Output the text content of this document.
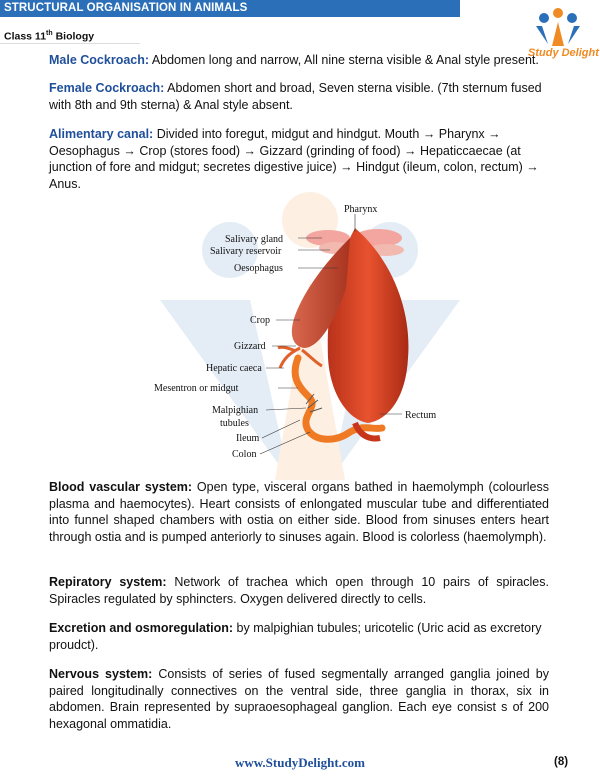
STRUCTURAL ORGANISATION IN ANIMALS
Class 11th Biology
Study Delight
Male Cockroach: Abdomen long and narrow, All nine sterna visible & Anal style present.
Female Cockroach: Abdomen short and broad, Seven sterna visible. (7th sternum fused with 8th and 9th sterna) & Anal style absent.
Alimentary canal: Divided into foregut, midgut and hindgut. Mouth → Pharynx → Oesophagus → Crop (stores food) → Gizzard (grinding of food) → Hepaticcaecae (at junction of fore and midgut; secretes digestive juice) → Hindgut (ileum, colon, rectum) → Anus.
Pharynx
Salivary gland
Salivary reservoir
Oesophagus
Crop
Gizzard
Hepatic caeca
Mesentron or midgut
Malpighian
tubules
Ileum
Colon
Rectum
Blood vascular system: Open type, visceral organs bathed in haemolymph (colourless plasma and haemocytes). Heart consists of enlongated muscular tube and differentiated into funnel shaped chambers with ostia on either side. Blood from sinuses enters heart through ostia and is pumped anteriorly to sinuses again. Blood is colorless (haemolymph).
Repiratory system: Network of trachea which open through 10 pairs of spiracles. Spiracles regulated by sphincters. Oxygen delivered directly to cells.
Excretion and osmoregulation: by malpighian tubules; uricotelic (Uric acid as excretory proudct).
Nervous system: Consists of series of fused segmentally arranged ganglia joined by paired longitudinally connectives on the ventral side, three ganglia in thorax, six in abdomen. Brain represented by supraoesophageal ganglion. Each eye consist s of 200 hexagonal ommatidia.
www.StudyDelight.com	(8)
